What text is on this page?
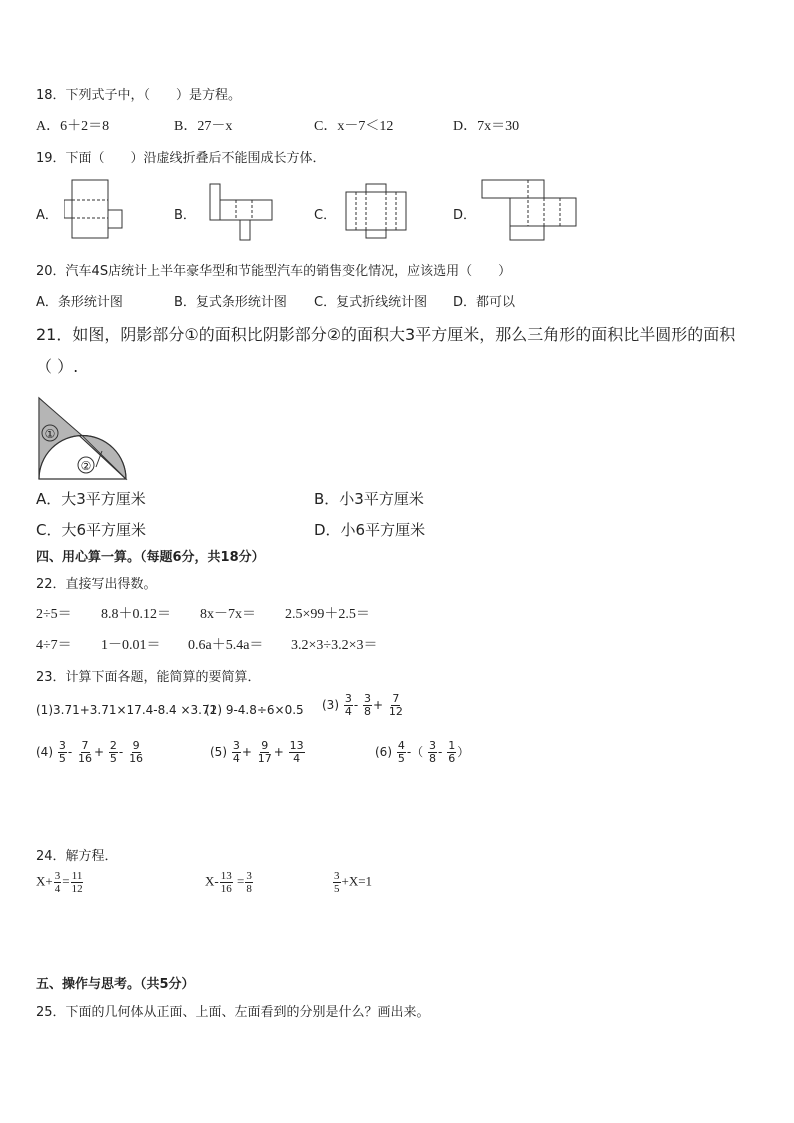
18．下列式子中，（　　）是方程。
A．6＋2＝8	B．27－x	C．x－7＜12	D．7x＝30
19．下面（　　）沿虚线折叠后不能围成长方体．
A．	B．	C．	D．
20．汽车4S店统计上半年豪华型和节能型汽车的销售变化情况，应该选用（　　）
A．条形统计图	B．复式条形统计图 C．复式折线统计图 D．都可以
21．如图，阴影部分①的面积比阴影部分②的面积大3平方厘米，那么三角形的面积比半圆形的面积
（ ）.
①
②
A．大3平方厘米	B．小3平方厘米
C．大6平方厘米	D．小6平方厘米
四、用心算一算。（每题6分，共18分）
22．直接写出得数。
2÷5＝ 8.8＋0.12＝ 8x－7x＝ 2.5×99＋2.5＝
4÷7＝ 1－0.01＝ 0.6a＋5.4a＝ 3.2×3÷3.2×3＝
23．计算下面各题，能简算的要简算．
(1)3.71+3.71×17.4-8.4 ×3.71
(2) 9-4.8÷6×0.5 $(3) \frac{3}{4} - \frac{3}{8} + \frac{7}{12}$
$(4) \frac{3}{5} - \frac{7}{16} + \frac{2}{5} - \frac{9}{16}$	$(5) \frac{3}{4} + \frac{9}{17} + \frac{13}{4}$	$(6) \frac{4}{5}$ -（ $\frac{3}{8} - \frac{1}{6}$ ）
24．解方程．
$X+ \frac{3}{4} = \frac{11}{12}$	$X- \frac{13}{16} = \frac{3}{8}$	$\frac{3}{5} +X=1$
五、操作与思考。（共5分）
25．下面的几何体从正面、上面、左面看到的分别是什么？画出来。
